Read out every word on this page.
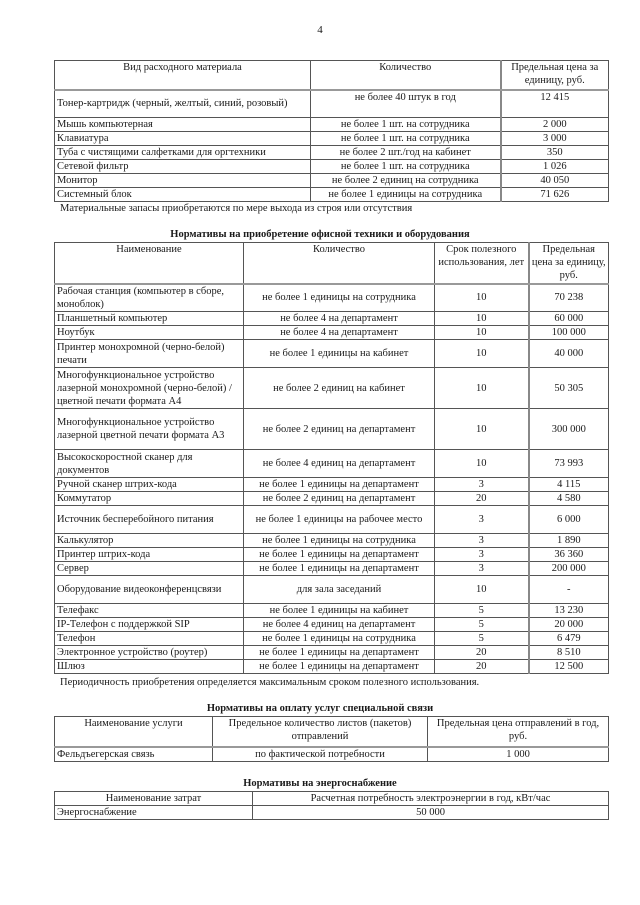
4
Вид расходного материала	Количество	Предельная цена за единицу, руб.
Тонер-картридж (черный, желтый, синий, розовый)	не более 40 штук в год	12 415
Мышь компьютерная	не более 1 шт. на сотрудника	2 000
Клавиатура	не более 1 шт. на сотрудника	3 000
Туба с чистящими салфетками для оргтехники	не более 2 шт./год на кабинет	350
Сетевой фильтр	не более 1 шт. на сотрудника	1 026
Монитор	не более 2 единиц на сотрудника	40 050
Системный блок	не более 1 единицы на сотрудника	71 626
Материальные запасы приобретаются по мере выхода из строя или отсутствия
Нормативы на приобретение офисной техники и оборудования
Наименование	Количество	Срок полезного использования, лет	Предельная цена за единицу, руб.
Рабочая станция (компьютер в сборе, моноблок)	не более 1 единицы на сотрудника	10	70 238
Планшетный компьютер	не более 4 на департамент	10	60 000
Ноутбук	не более 4 на департамент	10	100 000
Принтер монохромной (черно-белой) печати	не более 1 единицы на кабинет	10	40 000
Многофункциональное устройство лазерной монохромной (черно-белой) / цветной печати формата А4	не более 2 единиц на кабинет	10	50 305
Многофункциональное устройство лазерной цветной печати формата А3	не более 2 единиц на департамент	10	300 000
Высокоскоростной сканер для документов	не более 4 единиц на департамент	10	73 993
Ручной сканер штрих-кода	не более 1 единицы на департамент	3	4 115
Коммутатор	не более 2 единиц на департамент	20	4 580
Источник бесперебойного питания	не более 1 единицы на рабочее место	3	6 000
Калькулятор	не более 1 единицы на сотрудника	3	1 890
Принтер штрих-кода	не более 1 единицы на департамент	3	36 360
Сервер	не более 1 единицы на департамент	3	200 000
Оборудование видеоконференцсвязи	для зала заседаний	10	-
Телефакс	не более 1 единицы на кабинет	5	13 230
IP-Телефон с поддержкой SIP	не более 4 единиц на департамент	5	20 000
Телефон	не более 1 единицы на сотрудника	5	6 479
Электронное устройство (роутер)	не более 1 единицы на департамент	20	8 510
Шлюз	не более 1 единицы на департамент	20	12 500
Периодичность приобретения определяется максимальным сроком полезного использования.
Нормативы на оплату услуг специальной связи
Наименование услуги	Предельное количество листов (пакетов) отправлений	Предельная цена отправлений в год, руб.
Фельдъегерская связь	по фактической потребности	1 000
Нормативы на энергоснабжение
Наименование затрат	Расчетная потребность электроэнергии в год, кВт/час
Энергоснабжение	50 000
